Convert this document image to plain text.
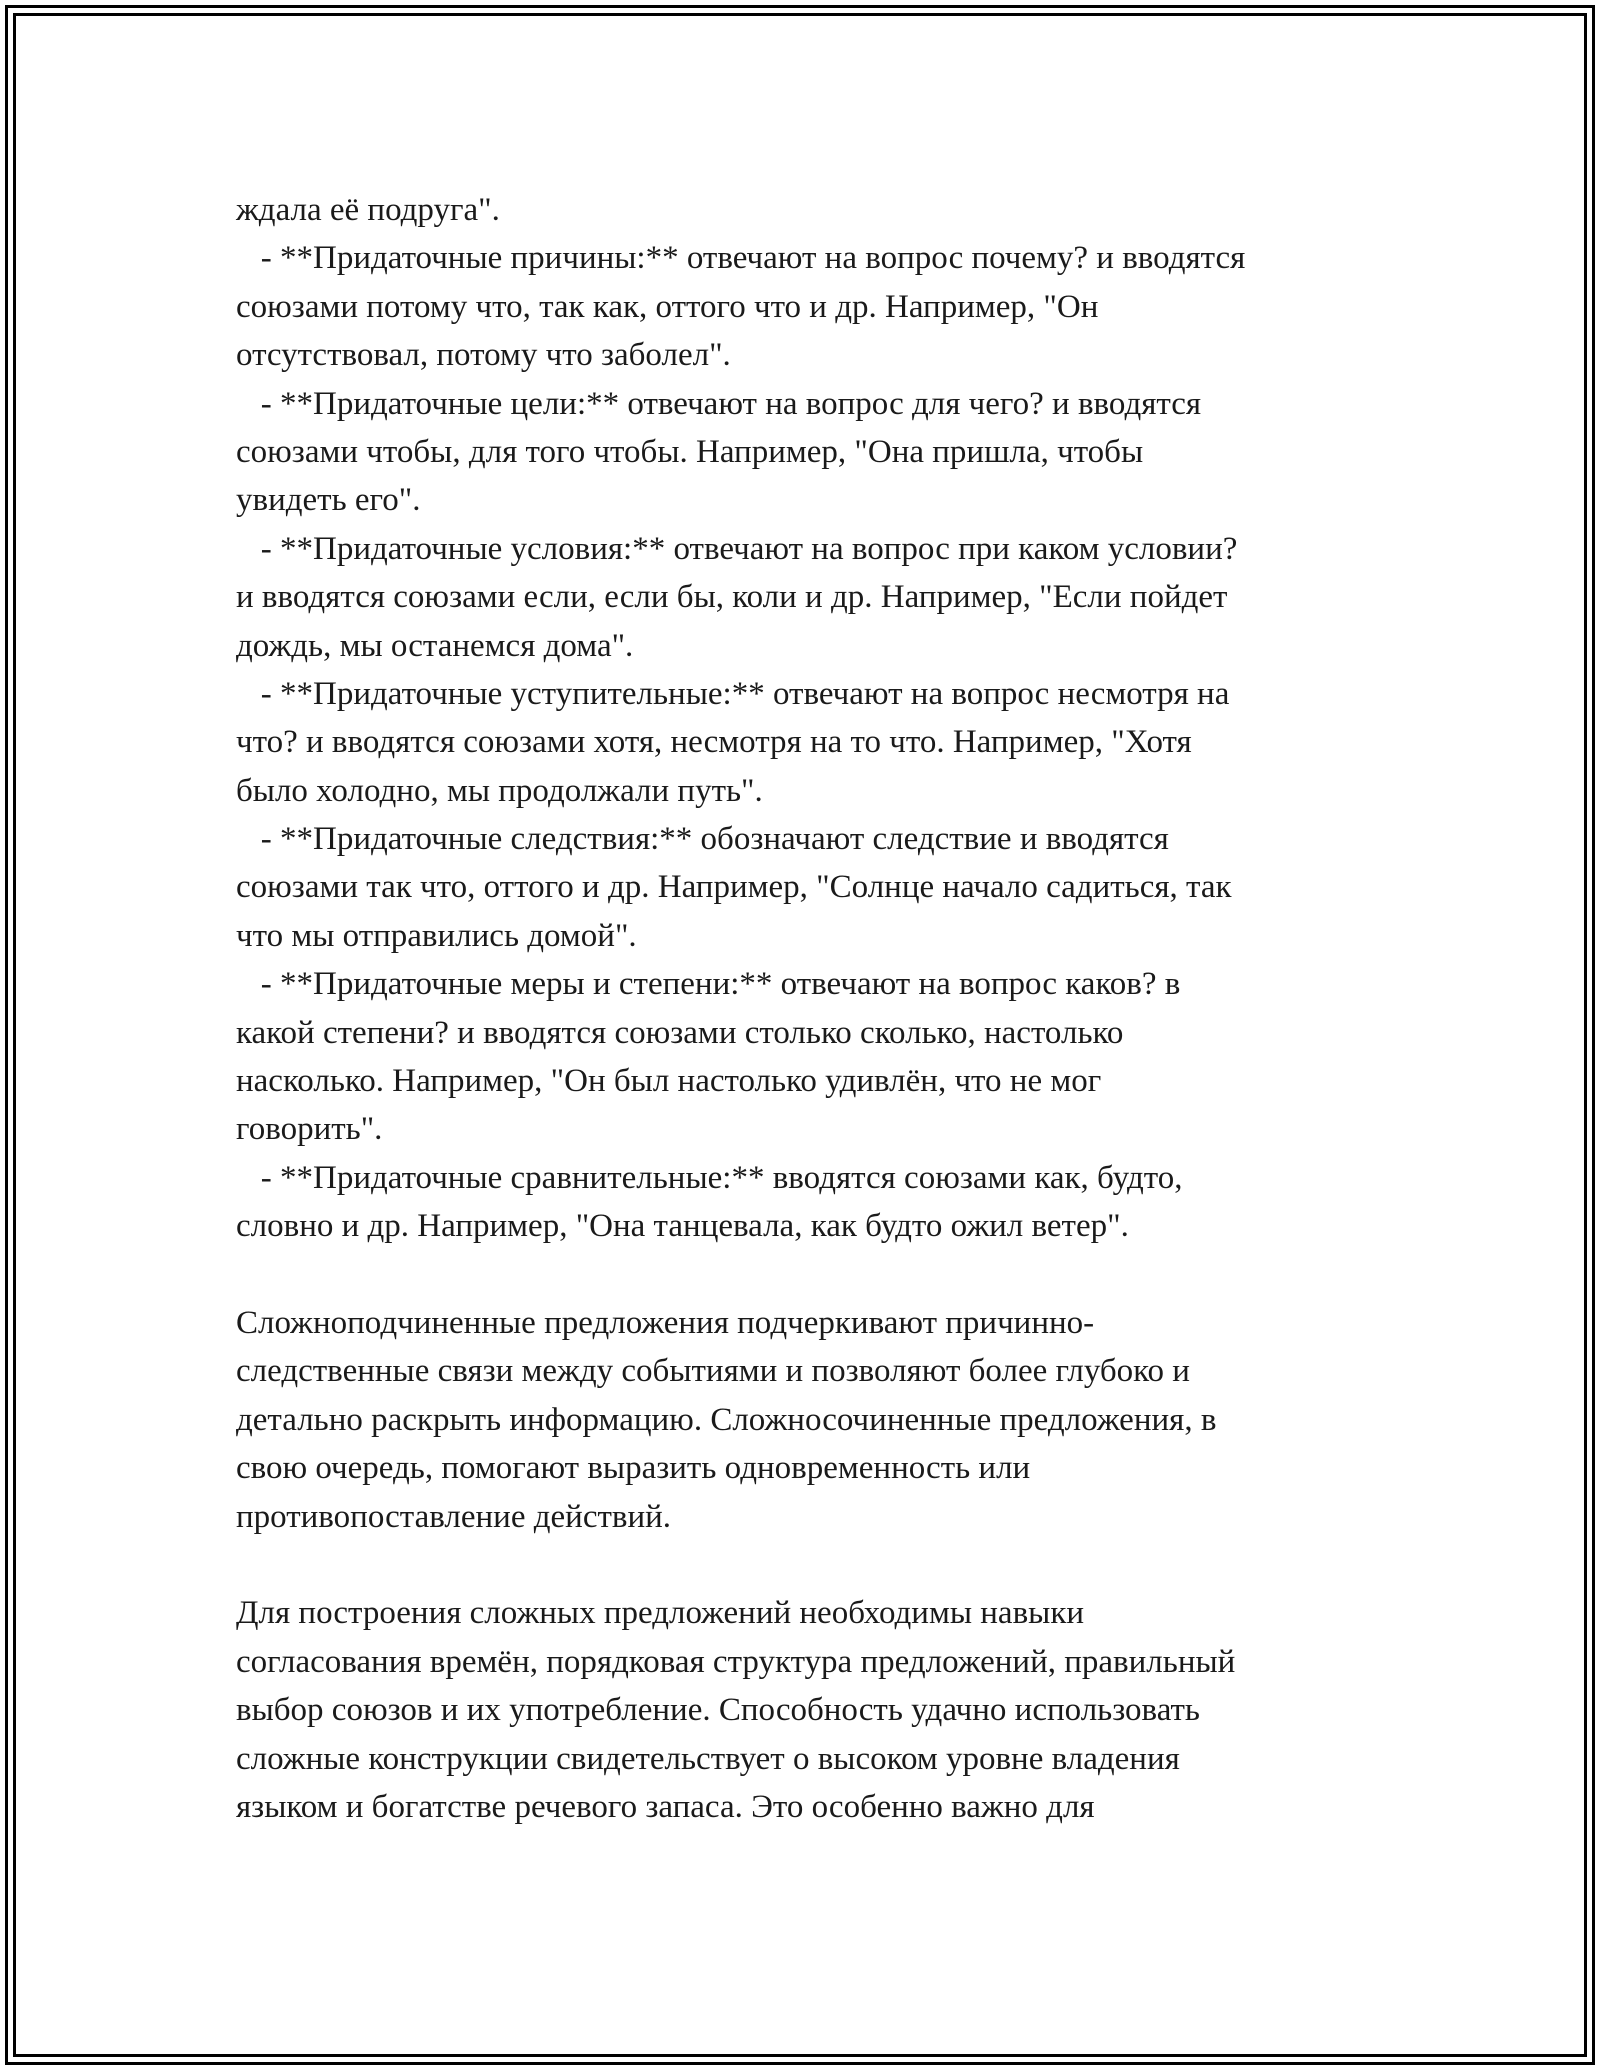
ждала её подруга".
- **Придаточные причины:** отвечают на вопрос почему? и вводятся
союзами потому что, так как, оттого что и др. Например, "Он
отсутствовал, потому что заболел".
- **Придаточные цели:** отвечают на вопрос для чего? и вводятся
союзами чтобы, для того чтобы. Например, "Она пришла, чтобы
увидеть его".
- **Придаточные условия:** отвечают на вопрос при каком условии?
и вводятся союзами если, если бы, коли и др. Например, "Если пойдет
дождь, мы останемся дома".
- **Придаточные уступительные:** отвечают на вопрос несмотря на
что? и вводятся союзами хотя, несмотря на то что. Например, "Хотя
было холодно, мы продолжали путь".
- **Придаточные следствия:** обозначают следствие и вводятся
союзами так что, оттого и др. Например, "Солнце начало садиться, так
что мы отправились домой".
- **Придаточные меры и степени:** отвечают на вопрос каков? в
какой степени? и вводятся союзами столько сколько, настолько
насколько. Например, "Он был настолько удивлён, что не мог
говорить".
- **Придаточные сравнительные:** вводятся союзами как, будто,
словно и др. Например, "Она танцевала, как будто ожил ветер".
Сложноподчиненные предложения подчеркивают причинно-
следственные связи между событиями и позволяют более глубоко и
детально раскрыть информацию. Сложносочиненные предложения, в
свою очередь, помогают выразить одновременность или
противопоставление действий.
Для построения сложных предложений необходимы навыки
согласования времён, порядковая структура предложений, правильный
выбор союзов и их употребление. Способность удачно использовать
сложные конструкции свидетельствует о высоком уровне владения
языком и богатстве речевого запаса. Это особенно важно для
